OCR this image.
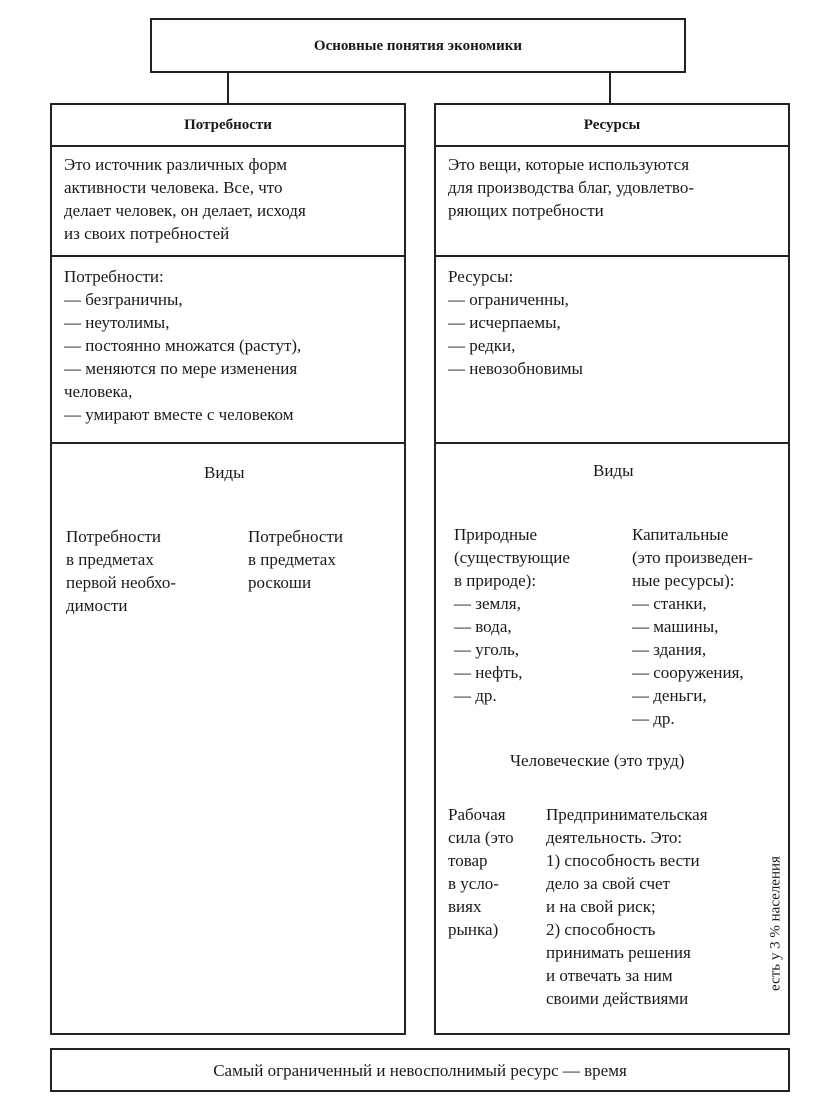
Основные понятия экономики
Потребности
Это источник различных форм
активности человека. Все, что
делает человек, он делает, исходя
из своих потребностей
Потребности:
— безграничны,
— неутолимы,
— постоянно множатся (растут),
— меняются по мере изменения
человека,
— умирают вместе с человеком
Виды
Потребности
в предметах
первой необхо-
димости
Потребности
в предметах
роскоши
Ресурсы
Это вещи, которые используются
для производства благ, удовлетво-
ряющих потребности
Ресурсы:
— ограниченны,
— исчерпаемы,
— редки,
— невозобновимы
Виды
Природные
(существующие
в природе):
— земля,
— вода,
— уголь,
— нефть,
— др.
Капитальные
(это произведен-
ные ресурсы):
— станки,
— машины,
— здания,
— сооружения,
— деньги,
— др.
Человеческие (это труд)
Рабочая
сила (это
товар
в усло-
виях
рынка)
Предпринимательская
деятельность. Это:
1) способность вести
дело за свой счет
и на свой риск;
2) способность
принимать решения
и отвечать за ним
своими действиями
есть у 3 % населения
Самый ограниченный и невосполнимый ресурс — время
